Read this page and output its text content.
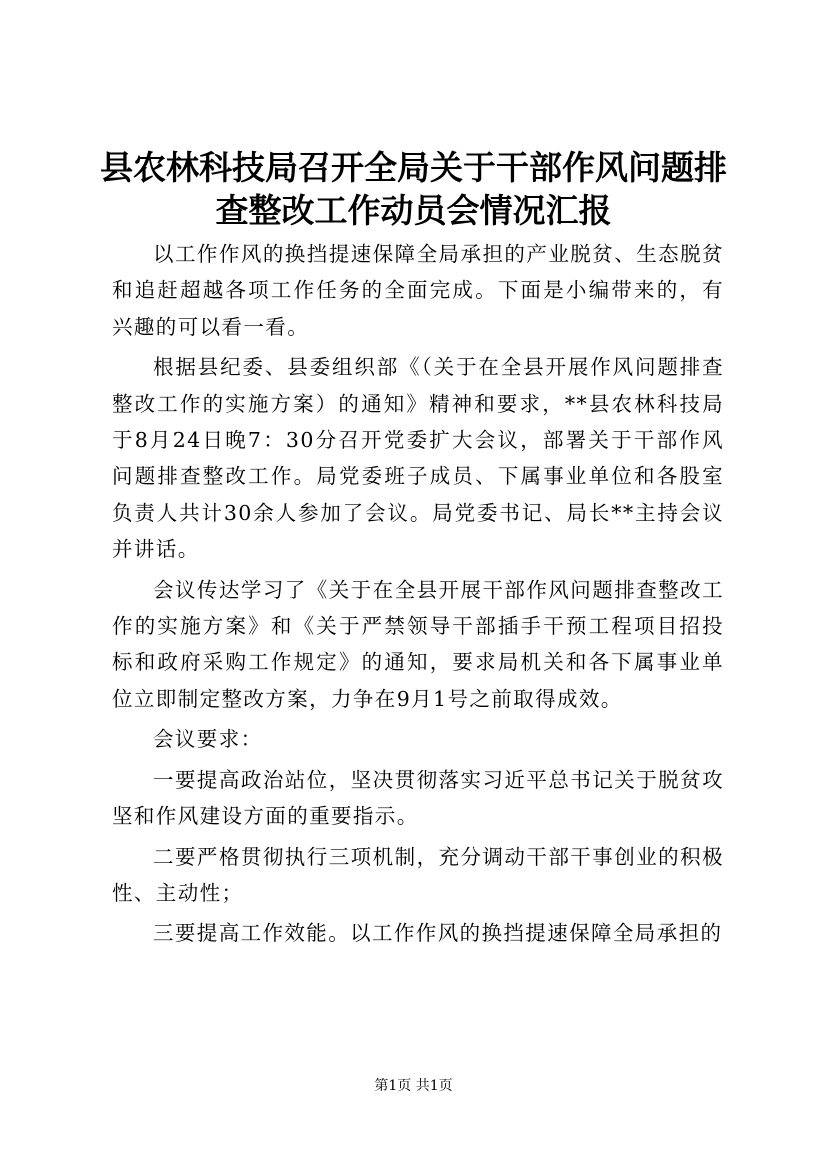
县农林科技局召开全局关于干部作风问题排查整改工作动员会情况汇报

以工作作风的换挡提速保障全局承担的产业脱贫、生态脱贫和追赶超越各项工作任务的全面完成。下面是小编带来的，有兴趣的可以看一看。

根据县纪委、县委组织部《（关于在全县开展作风问题排查整改工作的实施方案）的通知》精神和要求，**县农林科技局于8月24日晚7：30分召开党委扩大会议，部署关于干部作风问题排查整改工作。局党委班子成员、下属事业单位和各股室负责人共计30余人参加了会议。局党委书记、局长**主持会议并讲话。

会议传达学习了《关于在全县开展干部作风问题排查整改工作的实施方案》和《关于严禁领导干部插手干预工程项目招投标和政府采购工作规定》的通知，要求局机关和各下属事业单位立即制定整改方案，力争在9月1号之前取得成效。

会议要求：

一要提高政治站位，坚决贯彻落实习近平总书记关于脱贫攻坚和作风建设方面的重要指示。

二要严格贯彻执行三项机制，充分调动干部干事创业的积极性、主动性；

三要提高工作效能。以工作作风的换挡提速保障全局承担的

第1页 共1页
